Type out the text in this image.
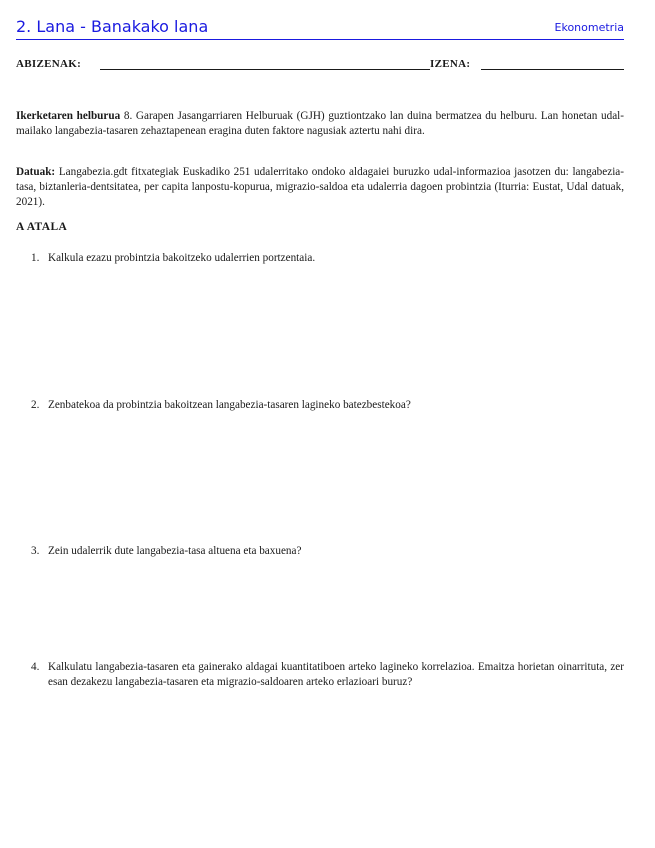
2. Lana - Banakako lana	Ekonometria
ABIZENAK:	IZENA:

Ikerketaren helburua 8. Garapen Jasangarriaren Helburuak (GJH) guztiontzako lan duina bermatzea du helburu. Lan honetan udal-mailako langabezia-tasaren zehaztapenean eragina duten faktore nagusiak aztertu nahi dira.

Datuak: Langabezia.gdt fitxategiak Euskadiko 251 udalerritako ondoko aldagaiei buruzko udal-informazioa jasotzen du: langabezia-tasa, biztanleria-dentsitatea, per capita lanpostu-kopurua, migrazio-saldoa eta udalerria dagoen probintzia (Iturria: Eustat, Udal datuak, 2021).

A ATALA
1. Kalkula ezazu probintzia bakoitzeko udalerrien portzentaia.
2. Zenbatekoa da probintzia bakoitzean langabezia-tasaren lagineko batezbestekoa?
3. Zein udalerrik dute langabezia-tasa altuena eta baxuena?
4. Kalkulatu langabezia-tasaren eta gainerako aldagai kuantitatiboen arteko lagineko korrelazioa. Emaitza horietan oinarrituta, zer esan dezakezu langabezia-tasaren eta migrazio-saldoaren arteko erlazioari buruz?
